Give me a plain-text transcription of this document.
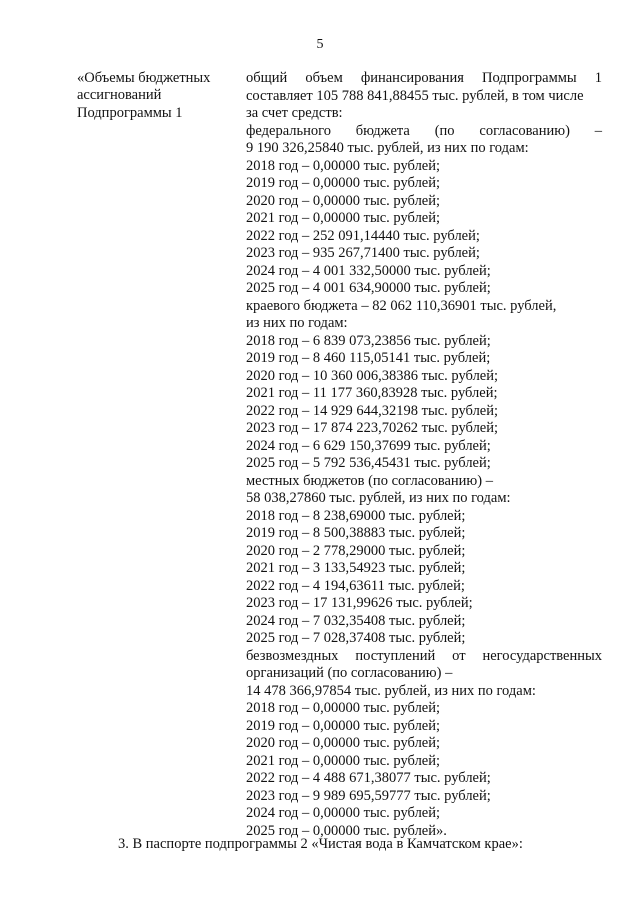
5
«Объемы бюджетных
ассигнований
Подпрограммы 1
общий объем финансирования Подпрограммы 1
составляет 105 788 841,88455 тыс. рублей, в том числе
за счет средств:
федерального бюджета (по согласованию) –
9 190 326,25840 тыс. рублей, из них по годам:
2018 год – 0,00000 тыс. рублей;
2019 год – 0,00000 тыс. рублей;
2020 год – 0,00000 тыс. рублей;
2021 год – 0,00000 тыс. рублей;
2022 год – 252 091,14440 тыс. рублей;
2023 год – 935 267,71400 тыс. рублей;
2024 год – 4 001 332,50000 тыс. рублей;
2025 год – 4 001 634,90000 тыс. рублей;
краевого бюджета – 82 062 110,36901 тыс. рублей,
из них по годам:
2018 год – 6 839 073,23856 тыс. рублей;
2019 год – 8 460 115,05141 тыс. рублей;
2020 год – 10 360 006,38386 тыс. рублей;
2021 год – 11 177 360,83928 тыс. рублей;
2022 год – 14 929 644,32198 тыс. рублей;
2023 год – 17 874 223,70262 тыс. рублей;
2024 год – 6 629 150,37699 тыс. рублей;
2025 год – 5 792 536,45431 тыс. рублей;
местных бюджетов (по согласованию) –
58 038,27860 тыс. рублей, из них по годам:
2018 год – 8 238,69000 тыс. рублей;
2019 год – 8 500,38883 тыс. рублей;
2020 год – 2 778,29000 тыс. рублей;
2021 год – 3 133,54923 тыс. рублей;
2022 год – 4 194,63611 тыс. рублей;
2023 год – 17 131,99626 тыс. рублей;
2024 год – 7 032,35408 тыс. рублей;
2025 год – 7 028,37408 тыс. рублей;
безвозмездных поступлений от негосударственных
организаций (по согласованию) –
14 478 366,97854 тыс. рублей, из них по годам:
2018 год – 0,00000 тыс. рублей;
2019 год – 0,00000 тыс. рублей;
2020 год – 0,00000 тыс. рублей;
2021 год – 0,00000 тыс. рублей;
2022 год – 4 488 671,38077 тыс. рублей;
2023 год – 9 989 695,59777 тыс. рублей;
2024 год – 0,00000 тыс. рублей;
2025 год – 0,00000 тыс. рублей».
3. В паспорте подпрограммы 2 «Чистая вода в Камчатском крае»:
